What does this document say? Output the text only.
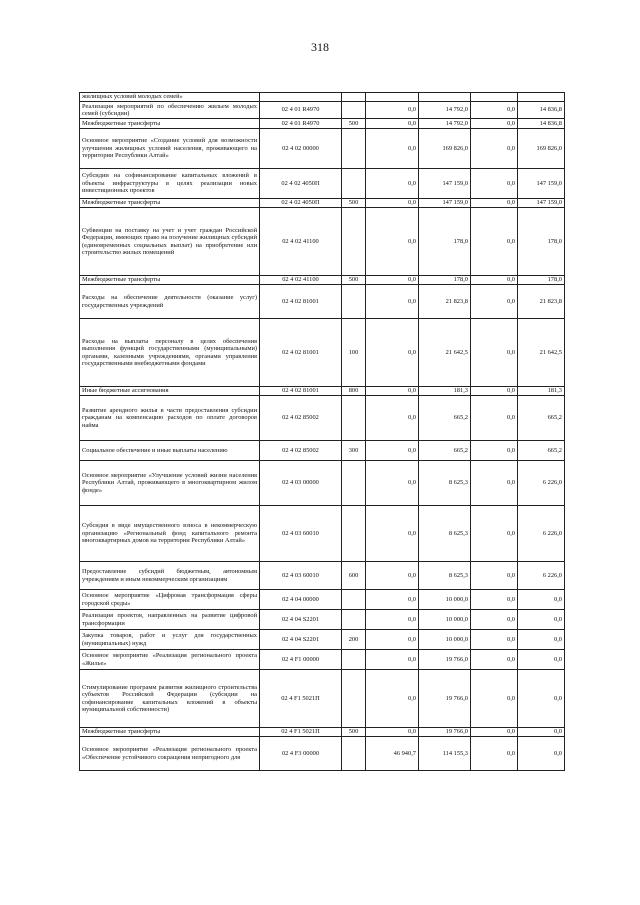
318
жилищных условий молодых семей»						
Реализация мероприятий по обеспечению жильем молодых семей (субсидии)	02 4 01 R4970		0,0	14 792,0	0,0	14 836,8
Межбюджетные трансферты	02 4 01 R4970	500	0,0	14 792,0	0,0	14 836,8
Основное мероприятие «Создание условий для возможности улучшения жилищных условий населения, проживающего на территории Республики Алтай»	02 4 02 00000		0,0	169 826,0	0,0	169 826,0
Субсидии на софинансирование капитальных вложений в объекты инфраструктуры в целях реализации новых инвестиционных проектов	02 4 02 4050П		0,0	147 159,0	0,0	147 159,0
Межбюджетные трансферты	02 4 02 4050П	500	0,0	147 159,0	0,0	147 159,0
Субвенции на поставку на учет и учет граждан Российской Федерации, имеющих право на получение жилищных субсидий (единовременных социальных выплат) на приобретение или строительство жилых помещений	02 4 02 41100		0,0	178,0	0,0	178,0
Межбюджетные трансферты	02 4 02 41100	500	0,0	178,0	0,0	178,0
Расходы на обеспечение деятельности (оказание услуг) государственных учреждений	02 4 02 81001		0,0	21 823,8	0,0	21 823,8
Расходы на выплаты персоналу в целях обеспечения выполнения функций государственными (муниципальными) органами, казенными учреждениями, органами управления государственными внебюджетными фондами	02 4 02 81001	100	0,0	21 642,5	0,0	21 642,5
Иные бюджетные ассигнования	02 4 02 81001	800	0,0	181,3	0,0	181,3
Развитие арендного жилья в части предоставления субсидии гражданам на компенсацию расходов по оплате договоров найма	02 4 02 85002		0,0	665,2	0,0	665,2
Социальное обеспечение и иные выплаты населению	02 4 02 85002	300	0,0	665,2	0,0	665,2
Основное мероприятие «Улучшение условий жизни населения Республики Алтай, проживающего в многоквартирном жилом фонде»	02 4 03 00000		0,0	8 625,3	0,0	6 226,0
Субсидия в виде имущественного взноса в некоммерческую организацию «Региональный фонд капитального ремонта многоквартирных домов на территории Республики Алтай»	02 4 03 60010		0,0	8 625,3	0,0	6 226,0
Предоставление субсидий бюджетным, автономным учреждениям и иным некоммерческим организациям	02 4 03 60010	600	0,0	8 625,3	0,0	6 226,0
Основное мероприятие «Цифровая трансформация сферы городской среды»	02 4 04 00000		0,0	10 000,0	0,0	0,0
Реализация проектов, направленных на развитие цифровой трансформации	02 4 04 S2201		0,0	10 000,0	0,0	0,0
Закупка товаров, работ и услуг для государственных (муниципальных) нужд	02 4 04 S2201	200	0,0	10 000,0	0,0	0,0
Основное мероприятие «Реализация регионального проекта «Жилье»	02 4 F1 00000		0,0	19 766,0	0,0	0,0
Стимулирование программ развития жилищного строительства субъектов Российской Федерации (субсидии на софинансирование капитальных вложений в объекты муниципальной собственности)	02 4 F1 5021П		0,0	19 766,0	0,0	0,0
Межбюджетные трансферты	02 4 F1 5021П	500	0,0	19 766,0	0,0	0,0
Основное мероприятие «Реализация регионального проекта «Обеспечение устойчивого сокращения непригодного для	02 4 F3 00000		46 940,7	114 155,3	0,0	0,0
